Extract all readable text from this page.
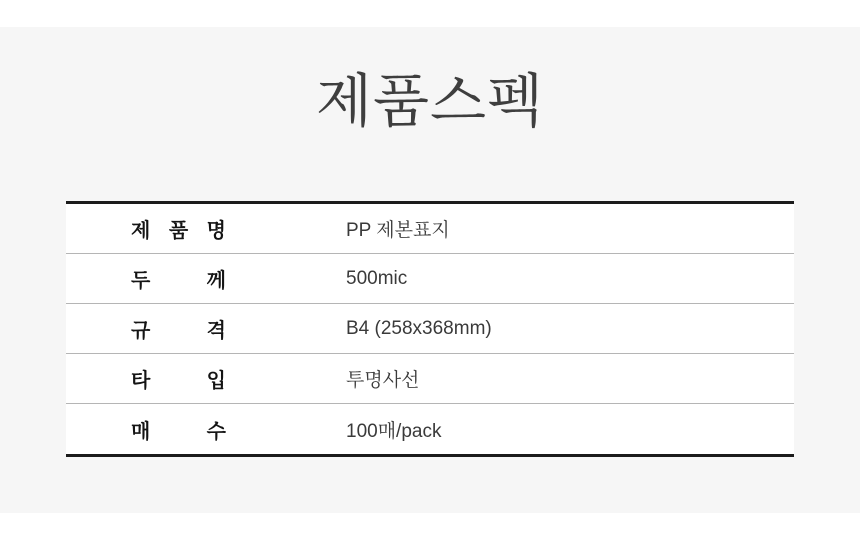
제품스펙
제 품 명	PP 제본표지
두 께	500mic
규 격	B4 (258x368mm)
타 입	투명사선
매 수	100매/pack
